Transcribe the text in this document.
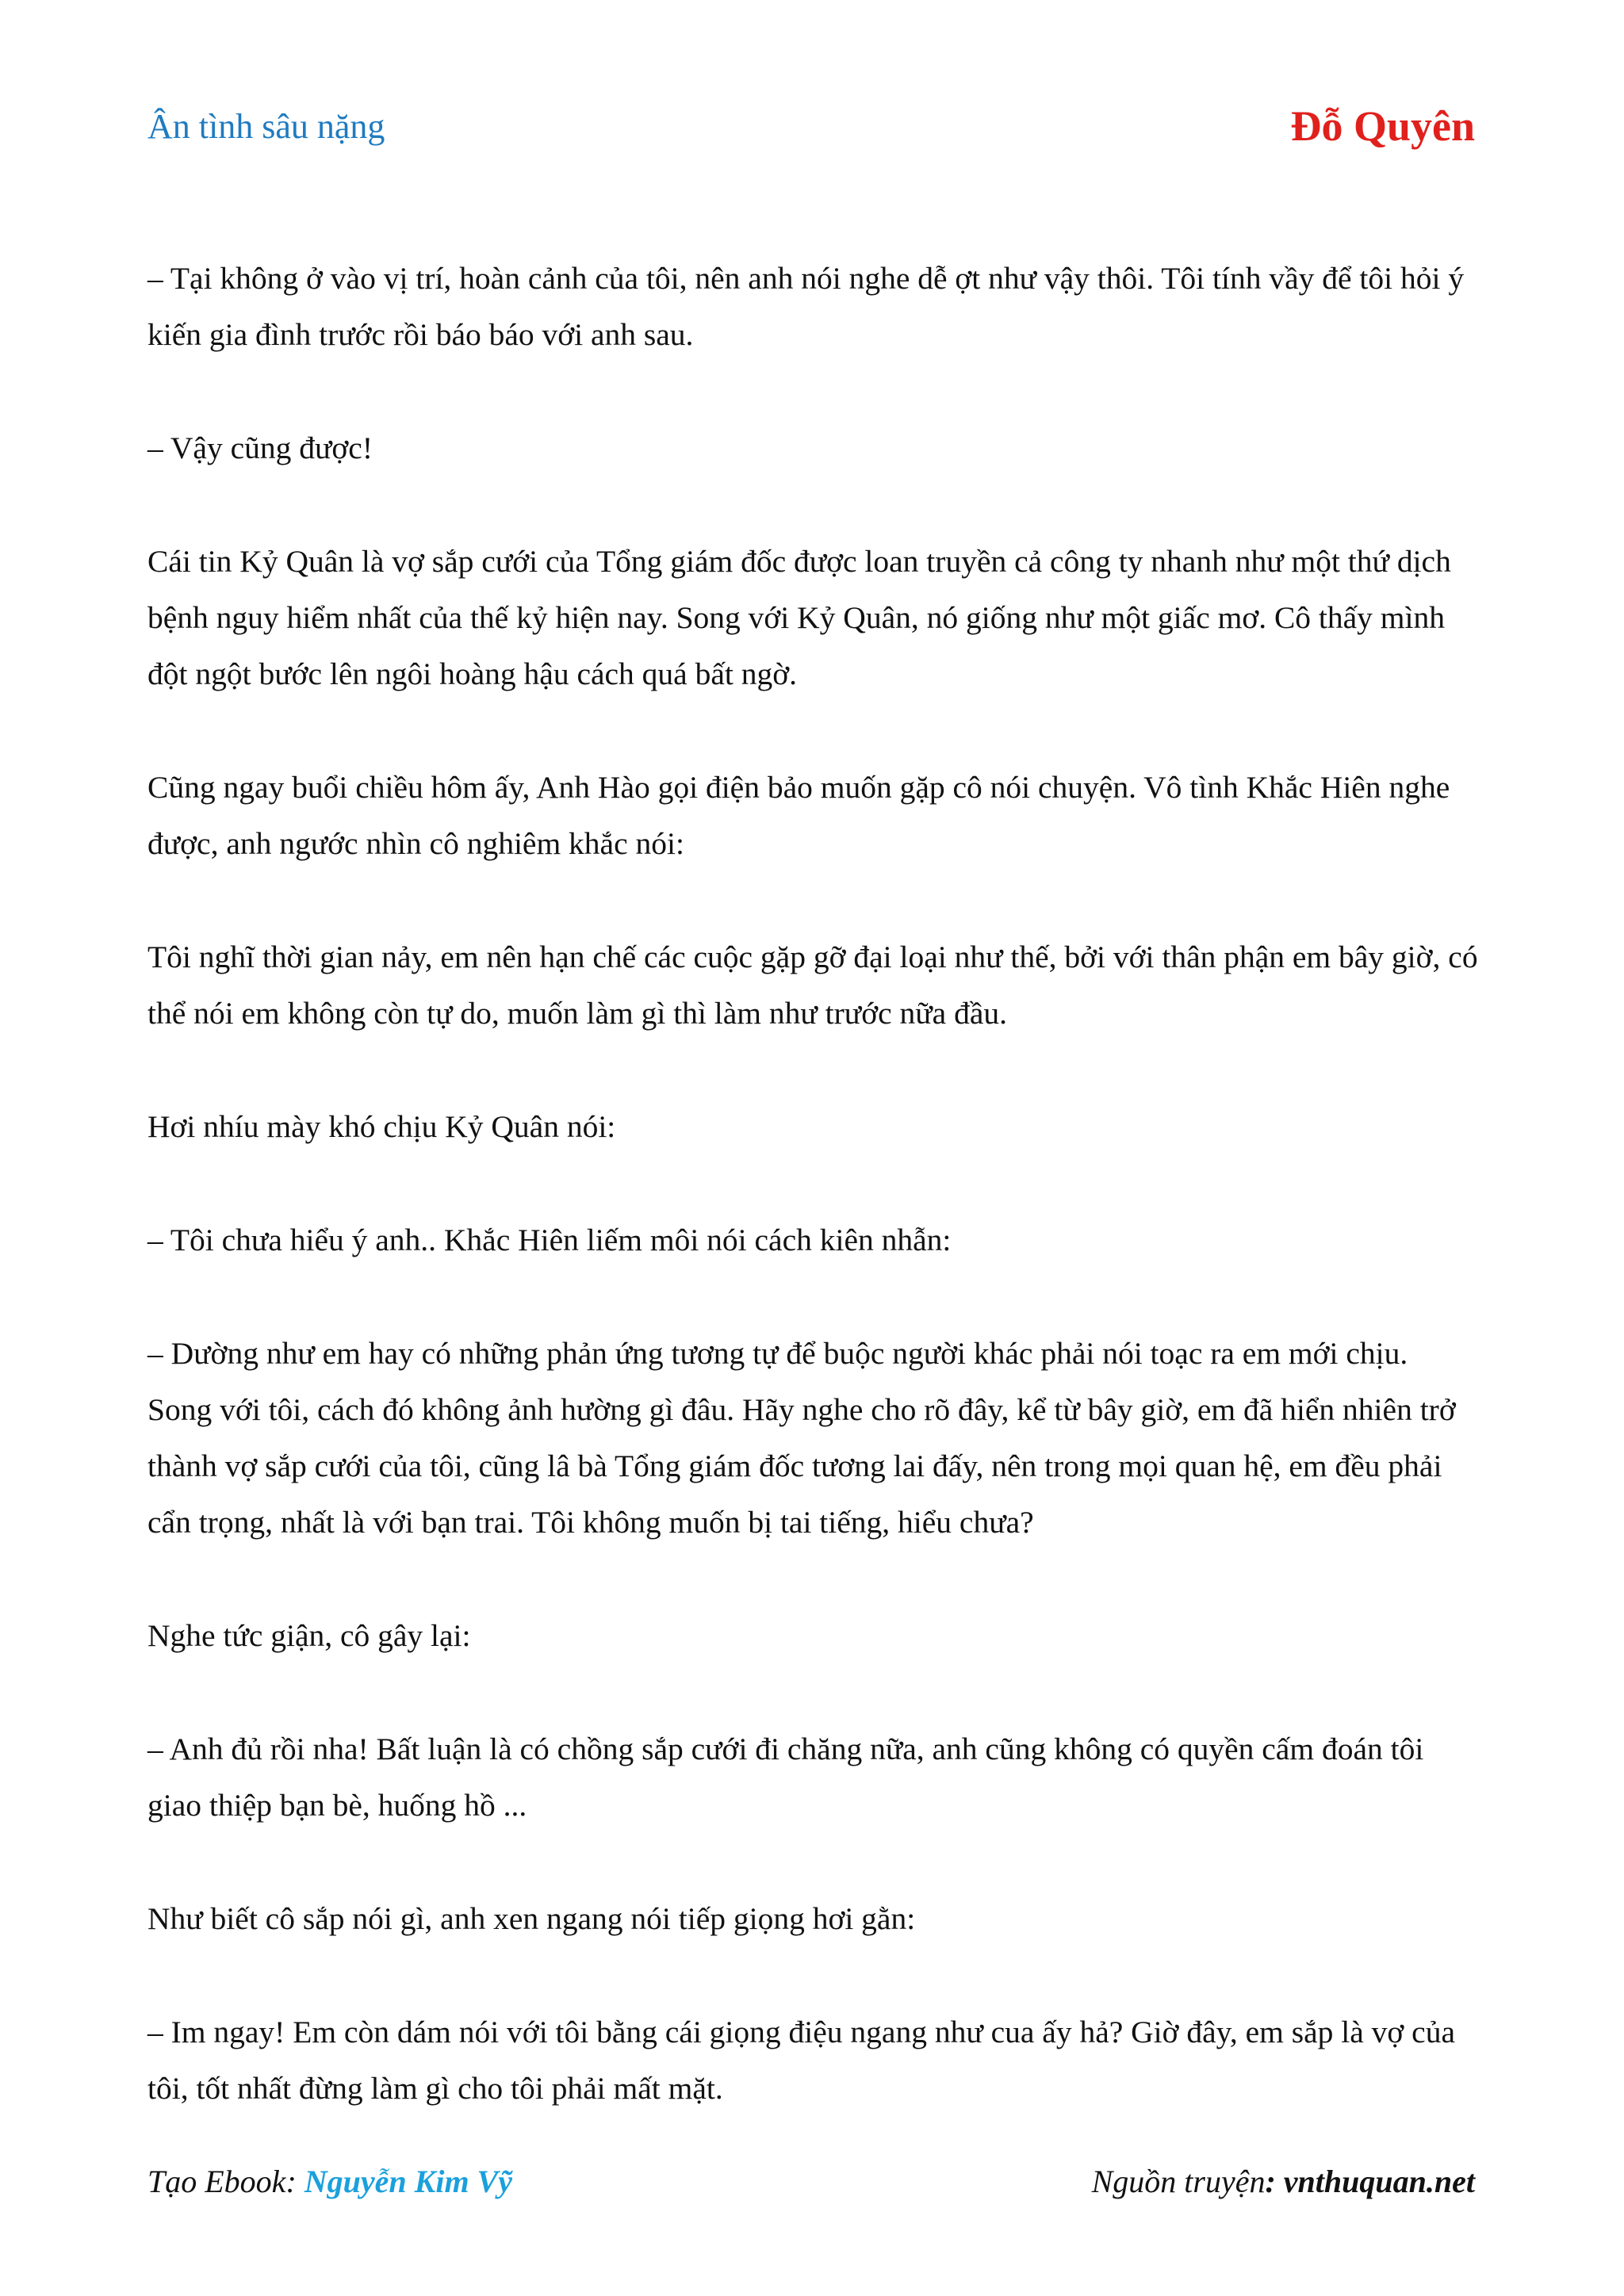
Ân tình sâu nặng	Đỗ Quyên

– Tại không ở vào vị trí, hoàn cảnh của tôi, nên anh nói nghe dễ ợt như vậy thôi. Tôi tính vầy để tôi hỏi ý kiến gia đình trước rồi báo báo với anh sau.

– Vậy cũng được!

Cái tin Kỷ Quân là vợ sắp cưới của Tổng giám đốc được loan truyền cả công ty nhanh như một thứ dịch bệnh nguy hiểm nhất của thế kỷ hiện nay. Song với Kỷ Quân, nó giống như một giấc mơ. Cô thấy mình đột ngột bước lên ngôi hoàng hậu cách quá bất ngờ.

Cũng ngay buổi chiều hôm ấy, Anh Hào gọi điện bảo muốn gặp cô nói chuyện. Vô tình Khắc Hiên nghe được, anh ngước nhìn cô nghiêm khắc nói:

Tôi nghĩ thời gian nảy, em nên hạn chế các cuộc gặp gỡ đại loại như thế, bởi với thân phận em bây giờ, có thể nói em không còn tự do, muốn làm gì thì làm như trước nữa đầu.

Hơi nhíu mày khó chịu Kỷ Quân nói:

– Tôi chưa hiểu ý anh.. Khắc Hiên liếm môi nói cách kiên nhẫn:

– Dường như em hay có những phản ứng tương tự để buộc người khác phải nói toạc ra em mới chịu. Song với tôi, cách đó không ảnh hường gì đâu. Hãy nghe cho rõ đây, kể từ bây giờ, em đã hiển nhiên trở thành vợ sắp cưới của tôi, cũng lâ bà Tổng giám đốc tương lai đấy, nên trong mọi quan hệ, em đều phải cẩn trọng, nhất là với bạn trai. Tôi không muốn bị tai tiếng, hiểu chưa?

Nghe tức giận, cô gây lại:

– Anh đủ rồi nha! Bất luận là có chồng sắp cưới đi chăng nữa, anh cũng không có quyền cấm đoán tôi giao thiệp bạn bè, huống hồ ...

Như biết cô sắp nói gì, anh xen ngang nói tiếp giọng hơi gằn:

– Im ngay! Em còn dám nói với tôi bằng cái giọng điệu ngang như cua ấy hả? Giờ đây, em sắp là vợ của tôi, tốt nhất đừng làm gì cho tôi phải mất mặt.

Tạo Ebook: Nguyễn Kim Vỹ	Nguồn truyện: vnthuquan.net
